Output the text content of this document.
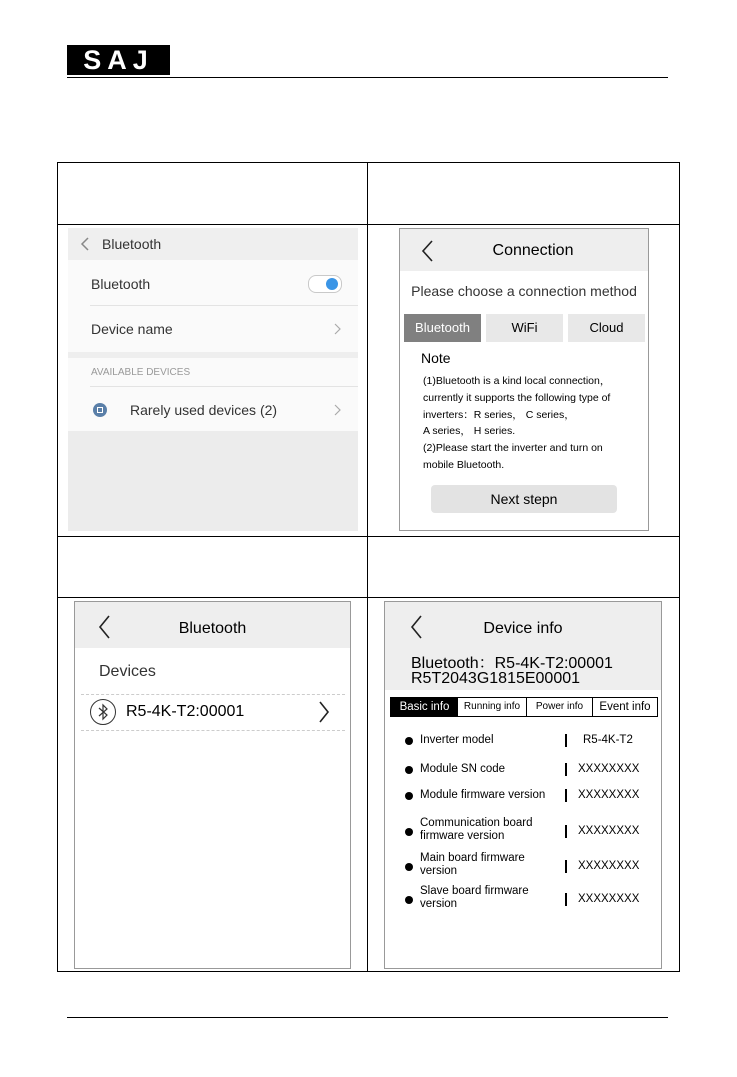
SAJ
Bluetooth
Bluetooth
Device name
AVAILABLE DEVICES
Rarely used devices (2)
Connection
Please choose a connection method
Bluetooth	WiFi	Cloud
Note
(1)Bluetooth is a kind local connection，
currently it supports the following type of
inverters：R series， C series，
A series， H series.
(2)Please start the inverter and turn on
mobile Bluetooth.
Next stepn
Bluetooth
Devices
R5-4K-T2:00001
Device info
Bluetooth：R5-4K-T2:00001
R5T2043G1815E00001
Basic info	Running info	Power info	Event info
Inverter model	R5-4K-T2
Module SN code	XXXXXXXX
Module firmware version	XXXXXXXX
Communication board
firmware version	XXXXXXXX
Main board firmware
version	XXXXXXXX
Slave board firmware
version	XXXXXXXX
